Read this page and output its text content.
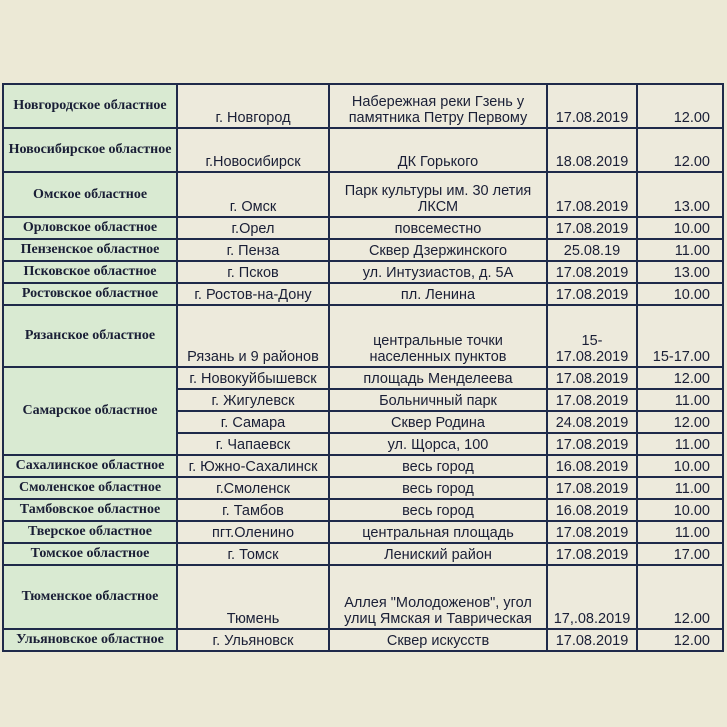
Новгородское областное	г. Новгород	Набережная реки Гзень у памятника Петру Первому	17.08.2019	12.00
Новосибирское областное	г.Новосибирск	ДК Горького	18.08.2019	12.00
Омское областное	г. Омск	Парк культуры им. 30 летия ЛКСМ	17.08.2019	13.00
Орловское областное	г.Орел	повсеместно	17.08.2019	10.00
Пензенское областное	г. Пенза	Сквер Дзержинского	25.08.19	11.00
Псковское областное	г. Псков	ул. Интузиастов, д. 5А	17.08.2019	13.00
Ростовское областное	г. Ростов-на-Дону	пл. Ленина	17.08.2019	10.00
Рязанское областное	Рязань и 9 районов	центральные точки населенных пунктов	15-17.08.2019	15-17.00
Самарское областное	г. Новокуйбышевск	площадь Менделеева	17.08.2019	12.00
	г. Жигулевск	Больничный парк	17.08.2019	11.00
	г. Самара	Сквер Родина	24.08.2019	12.00
	г. Чапаевск	ул. Щорса, 100	17.08.2019	11.00
Сахалинское областное	г. Южно-Сахалинск	весь город	16.08.2019	10.00
Смоленское областное	г.Смоленск	весь город	17.08.2019	11.00
Тамбовское областное	г. Тамбов	весь город	16.08.2019	10.00
Тверское областное	пгт.Оленино	центральная площадь	17.08.2019	11.00
Томское областное	г. Томск	Лениский район	17.08.2019	17.00
Тюменское областное	Тюмень	Аллея "Молодоженов", угол улиц Ямская и Таврическая	17,.08.2019	12.00
Ульяновское областное	г. Ульяновск	Сквер искусств	17.08.2019	12.00
